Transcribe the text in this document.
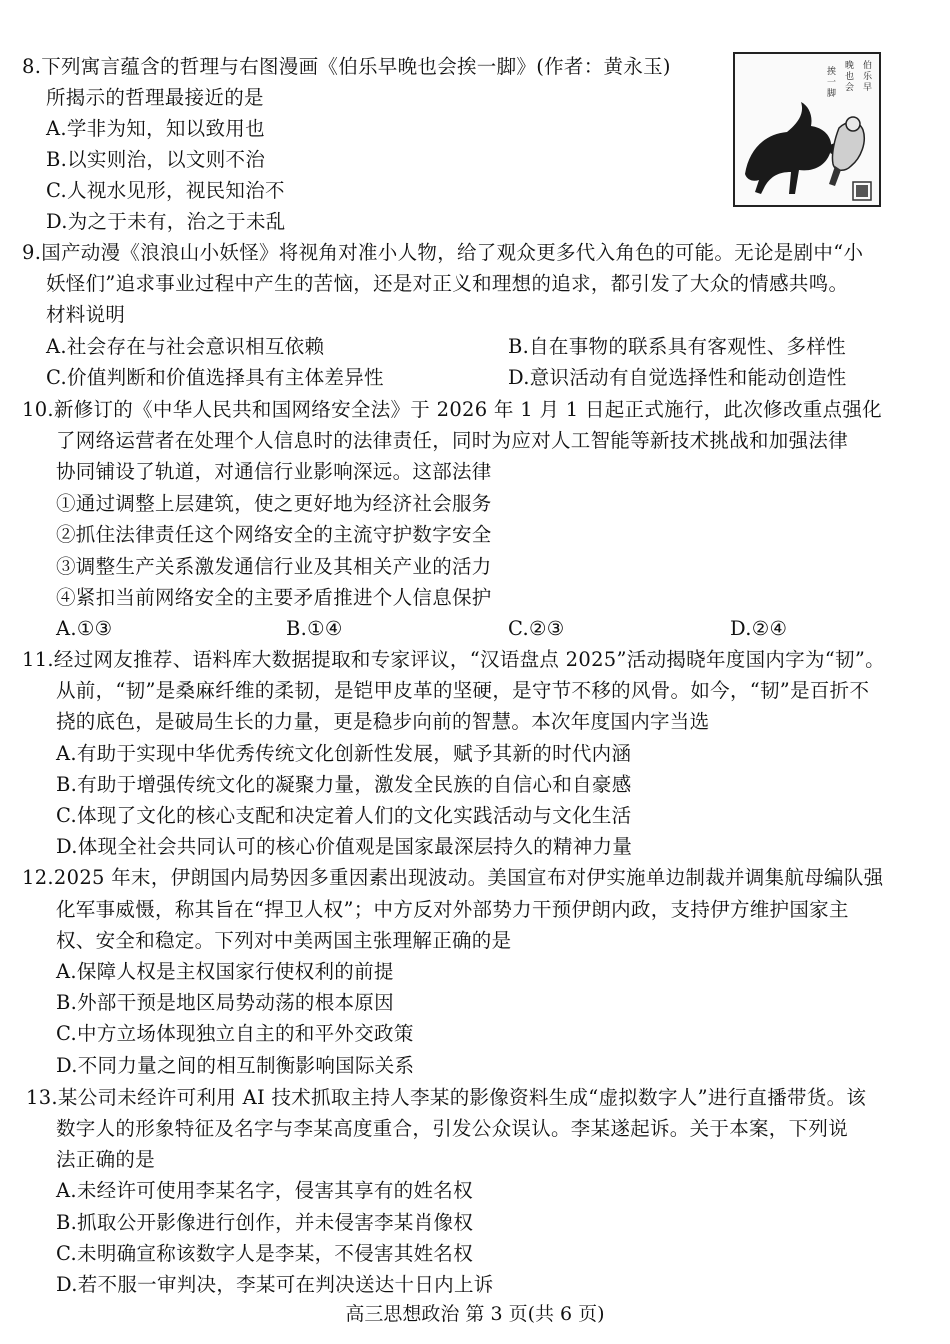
8.下列寓言蕴含的哲理与右图漫画《伯乐早晚也会挨一脚》(作者：黄永玉)
所揭示的哲理最接近的是
A.学非为知，知以致用也
B.以实则治，以文则不治
C.人视水见形，视民知治不
D.为之于未有，治之于未乱
伯乐早
晚也会
挨一脚
9.国产动漫《浪浪山小妖怪》将视角对准小人物，给了观众更多代入角色的可能。无论是剧中“小
妖怪们”追求事业过程中产生的苦恼，还是对正义和理想的追求，都引发了大众的情感共鸣。
材料说明
A.社会存在与社会意识相互依赖	B.自在事物的联系具有客观性、多样性
C.价值判断和价值选择具有主体差异性	D.意识活动有自觉选择性和能动创造性
10.新修订的《中华人民共和国网络安全法》于 2026 年 1 月 1 日起正式施行，此次修改重点强化
了网络运营者在处理个人信息时的法律责任，同时为应对人工智能等新技术挑战和加强法律
协同铺设了轨道，对通信行业影响深远。这部法律
①通过调整上层建筑，使之更好地为经济社会服务
②抓住法律责任这个网络安全的主流守护数字安全
③调整生产关系激发通信行业及其相关产业的活力
④紧扣当前网络安全的主要矛盾推进个人信息保护
A.①③	B.①④	C.②③	D.②④
11.经过网友推荐、语料库大数据提取和专家评议，“汉语盘点 2025”活动揭晓年度国内字为“韧”。
从前，“韧”是桑麻纤维的柔韧，是铠甲皮革的坚硬，是守节不移的风骨。如今，“韧”是百折不
挠的底色，是破局生长的力量，更是稳步向前的智慧。本次年度国内字当选
A.有助于实现中华优秀传统文化创新性发展，赋予其新的时代内涵
B.有助于增强传统文化的凝聚力量，激发全民族的自信心和自豪感
C.体现了文化的核心支配和决定着人们的文化实践活动与文化生活
D.体现全社会共同认可的核心价值观是国家最深层持久的精神力量
12.2025 年末，伊朗国内局势因多重因素出现波动。美国宣布对伊实施单边制裁并调集航母编队强
化军事威慑，称其旨在“捍卫人权”；中方反对外部势力干预伊朗内政，支持伊方维护国家主
权、安全和稳定。下列对中美两国主张理解正确的是
A.保障人权是主权国家行使权利的前提
B.外部干预是地区局势动荡的根本原因
C.中方立场体现独立自主的和平外交政策
D.不同力量之间的相互制衡影响国际关系
13.某公司未经许可利用 AI 技术抓取主持人李某的影像资料生成“虚拟数字人”进行直播带货。该
数字人的形象特征及名字与李某高度重合，引发公众误认。李某遂起诉。关于本案，下列说
法正确的是
A.未经许可使用李某名字，侵害其享有的姓名权
B.抓取公开影像进行创作，并未侵害李某肖像权
C.未明确宣称该数字人是李某，不侵害其姓名权
D.若不服一审判决，李某可在判决送达十日内上诉
高三思想政治 第 3 页(共 6 页)
